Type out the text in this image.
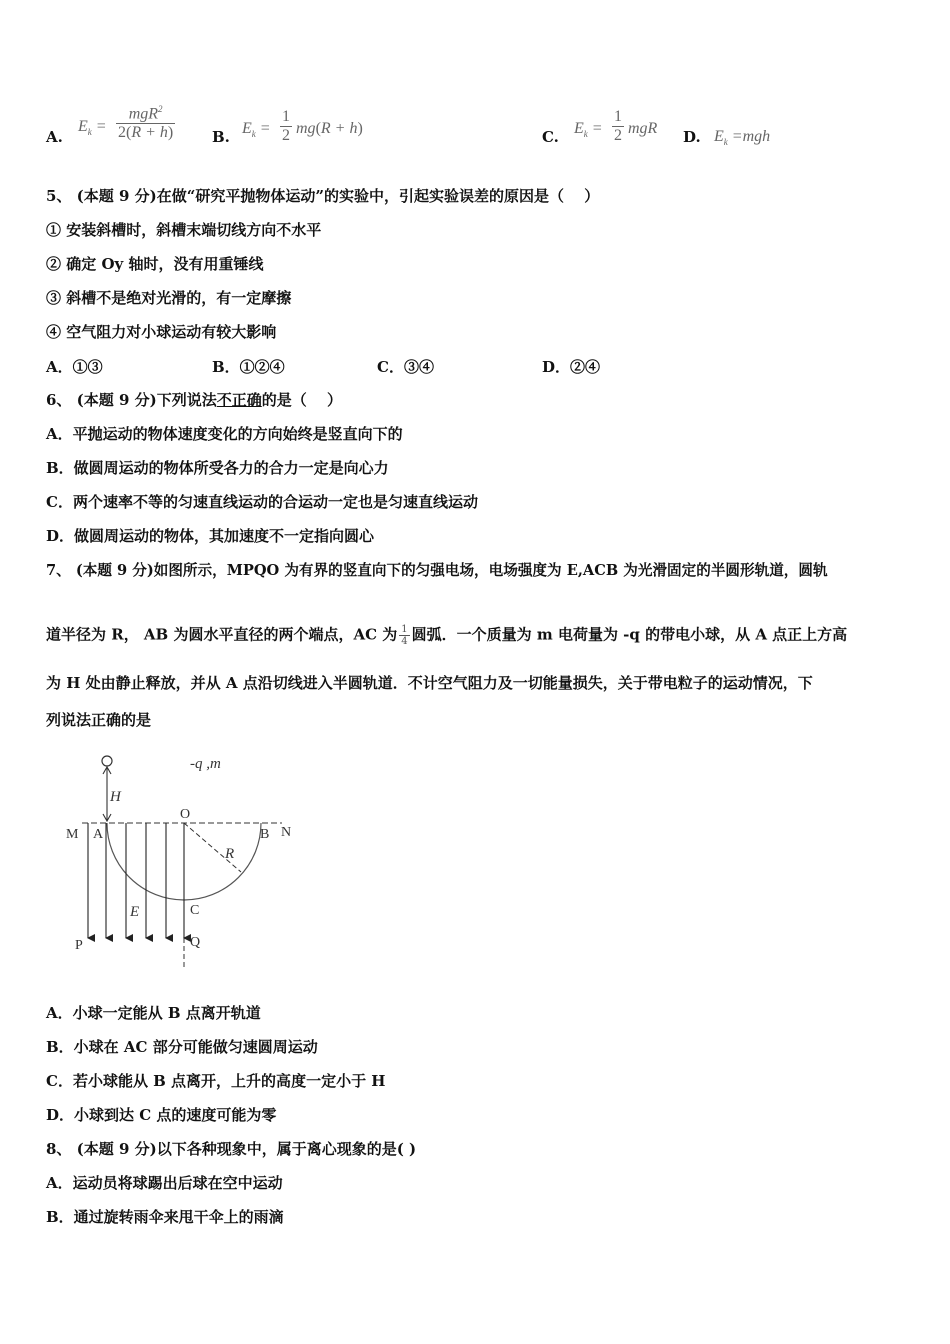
A.
$E_k$ =
mgR$^2$
2(R + h)	B. $E_k = \frac{1}{2} mg(R + h)$	C. $E_k = \frac{1}{2}$ mgR D. $E_k =mgh$
5、 (本题 9 分)在做“研究平抛物体运动”的实验中，引起实验误差的原因是（　 ）
① 安装斜槽时，斜槽末端切线方向不水平
② 确定 Oy 轴时，没有用重锤线
③ 斜槽不是绝对光滑的，有一定摩擦
④ 空气阻力对小球运动有较大影响
A．①③	B．①②④	C．③④	D．②④
6、 (本题 9 分)下列说法不正确的是（　 ）
A．平抛运动的物体速度变化的方向始终是竖直向下的
B．做圆周运动的物体所受各力的合力一定是向心力
C．两个速率不等的匀速直线运动的合运动一定也是匀速直线运动
D．做圆周运动的物体，其加速度不一定指向圆心
7、 (本题 9 分)如图所示，MPQO 为有界的竖直向下的匀强电场，电场强度为 E,ACB 为光滑固定的半圆形轨道，圆轨
道半径为 R， AB 为圆水平直径的两个端点，AC 为 $\frac{1}{4}$ 圆弧．一个质量为 m 电荷量为 -q 的带电小球，从 A 点正上方高
为 H 处由静止释放，并从 A 点沿切线进入半圆轨道．不计空气阻力及一切能量损失，关于带电粒子的运动情况，下
列说法正确的是
-q ,m
H
O
M A	B N
R
E	C
P	Q
A．小球一定能从 B 点离开轨道
B．小球在 AC 部分可能做匀速圆周运动
C．若小球能从 B 点离开，上升的高度一定小于 H
D．小球到达 C 点的速度可能为零
8、 (本题 9 分)以下各种现象中，属于离心现象的是( )
A．运动员将球踢出后球在空中运动
B．通过旋转雨伞来甩干伞上的雨滴
